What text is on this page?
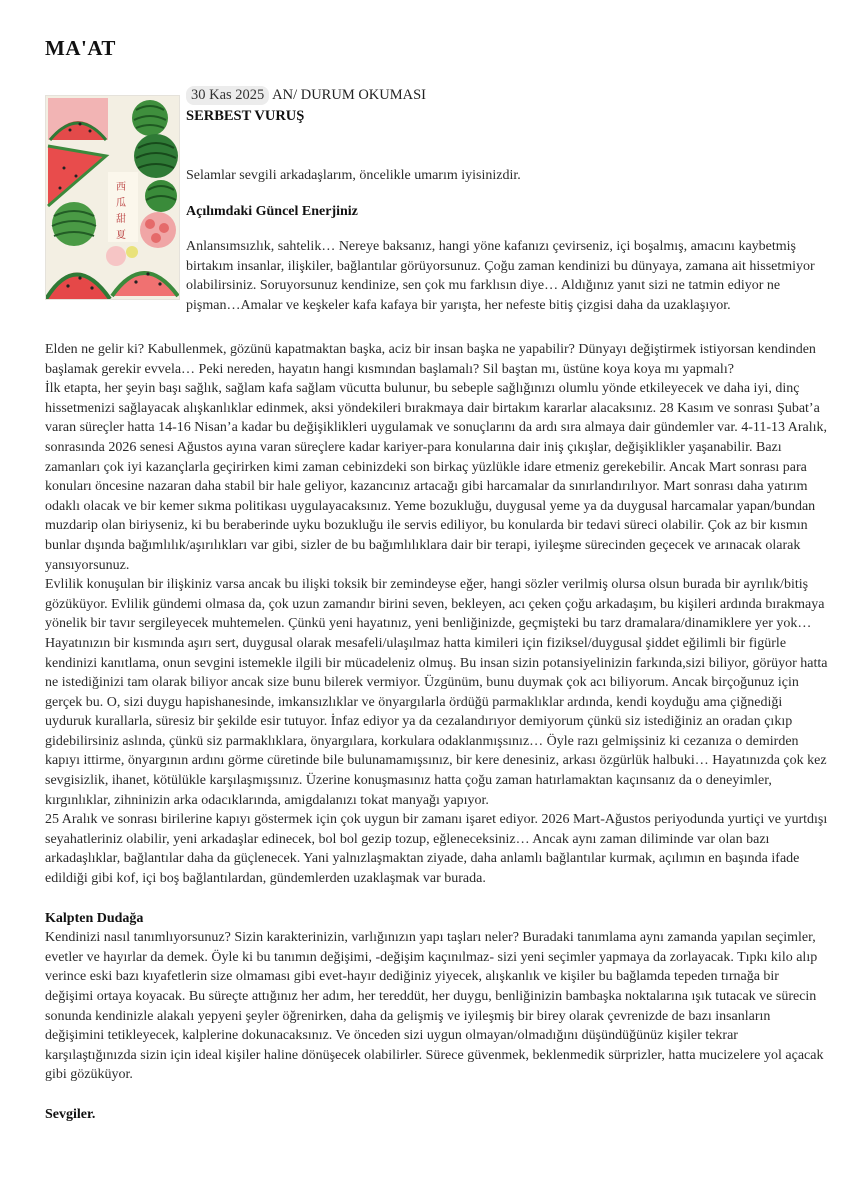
MA'AT
西
瓜
甜
夏
30 Kas 2025 AN/ DURUM OKUMASI
SERBEST VURUŞ

Selamlar sevgili arkadaşlarım, öncelikle umarım iyisinizdir.

Açılımdaki Güncel Enerjiniz

Anlansımsızlık, sahtelik… Nereye baksanız, hangi yöne kafanızı çevirseniz, içi boşalmış, amacını kaybetmiş birtakım insanlar, ilişkiler, bağlantılar görüyorsunuz. Çoğu zaman kendinizi bu dünyaya, zamana ait hissetmiyor olabilirsiniz. Soruyorsunuz kendinize, sen çok mu farklısın diye… Aldığınız yanıt sizi ne tatmin ediyor ne pişman…Amalar ve keşkeler kafa kafaya bir yarışta, her nefeste bitiş çizgisi daha da uzaklaşıyor.

Elden ne gelir ki? Kabullenmek, gözünü kapatmaktan başka, aciz bir insan başka ne yapabilir? Dünyayı değiştirmek istiyorsan kendinden başlamak gerekir evvela… Peki nereden, hayatın hangi kısmından başlamalı? Sil baştan mı, üstüne koya koya mı yapmalı?

İlk etapta, her şeyin başı sağlık, sağlam kafa sağlam vücutta bulunur, bu sebeple sağlığınızı olumlu yönde etkileyecek ve daha iyi, dinç hissetmenizi sağlayacak alışkanlıklar edinmek, aksi yöndekileri bırakmaya dair birtakım kararlar alacaksınız. 28 Kasım ve sonrası Şubat’a varan süreçler hatta 14-16 Nisan’a kadar bu değişiklikleri uygulamak ve sonuçlarını da ardı sıra almaya dair gündemler var. 4-11-13 Aralık, sonrasında 2026 senesi Ağustos ayına varan süreçlere kadar kariyer-para konularına dair iniş çıkışlar, değişiklikler yaşanabilir. Bazı zamanları çok iyi kazançlarla geçirirken kimi zaman cebinizdeki son birkaç yüzlükle idare etmeniz gerekebilir. Ancak Mart sonrası para konuları öncesine nazaran daha stabil bir hale geliyor, kazancınız artacağı gibi harcamalar da sınırlandırılıyor. Mart sonrası daha yatırım odaklı olacak ve bir kemer sıkma politikası uygulayacaksınız. Yeme bozukluğu, duygusal yeme ya da duygusal harcamalar yapan/bundan muzdarip olan biriyseniz, ki bu beraberinde uyku bozukluğu ile servis ediliyor, bu konularda bir tedavi süreci olabilir. Çok az bir kısmın bunlar dışında bağımlılık/aşırılıkları var gibi, sizler de bu bağımlılıklara dair bir terapi, iyileşme sürecinden geçecek ve arınacak olarak yansıyorsunuz.

Evlilik konuşulan bir ilişkiniz varsa ancak bu ilişki toksik bir zemindeyse eğer, hangi sözler verilmiş olursa olsun burada bir ayrılık/bitiş gözüküyor. Evlilik gündemi olmasa da, çok uzun zamandır birini seven, bekleyen, acı çeken çoğu arkadaşım, bu kişileri ardında bırakmaya yönelik bir tavır sergileyecek muhtemelen. Çünkü yeni hayatınız, yeni benliğinizde, geçmişteki bu tarz dramalara/dinamiklere yer yok…

Hayatınızın bir kısmında aşırı sert, duygusal olarak mesafeli/ulaşılmaz hatta kimileri için fiziksel/duygusal şiddet eğilimli bir figürle kendinizi kanıtlama, onun sevgini istemekle ilgili bir mücadeleniz olmuş. Bu insan sizin potansiyelinizin farkında,sizi biliyor, görüyor hatta ne istediğinizi tam olarak biliyor ancak size bunu bilerek vermiyor. Üzgünüm, bunu duymak çok acı biliyorum. Ancak birçoğunuz için gerçek bu. O, sizi duygu hapishanesinde, imkansızlıklar ve önyargılarla ördüğü parmaklıklar ardında, kendi koyduğu ama çiğnediği uyduruk kurallarla, süresiz bir şekilde esir tutuyor. İnfaz ediyor ya da cezalandırıyor demiyorum çünkü siz istediğiniz an oradan çıkıp gidebilirsiniz aslında, çünkü siz parmaklıklara, önyargılara, korkulara odaklanmışsınız… Öyle razı gelmişsiniz ki cezanıza o demirden kapıyı ittirme, önyargının ardını görme cüretinde bile bulunamamışsınız, bir kere denesiniz, arkası özgürlük halbuki… Hayatınızda çok kez sevgisizlik, ihanet, kötülükle karşılaşmışsınız. Üzerine konuşmasınız hatta çoğu zaman hatırlamaktan kaçınsanız da o deneyimler, kırgınlıklar, zihninizin arka odacıklarında, amigdalanızı tokat manyağı yapıyor.

25 Aralık ve sonrası birilerine kapıyı göstermek için çok uygun bir zamanı işaret ediyor. 2026 Mart-Ağustos periyodunda yurtiçi ve yurtdışı seyahatleriniz olabilir, yeni arkadaşlar edinecek, bol bol gezip tozup, eğleneceksiniz… Ancak aynı zaman diliminde var olan bazı arkadaşlıklar, bağlantılar daha da güçlenecek. Yani yalnızlaşmaktan ziyade, daha anlamlı bağlantılar kurmak, açılımın en başında ifade edildiği gibi kof, içi boş bağlantılardan, gündemlerden uzaklaşmak var burada.

Kalpten Dudağa

Kendinizi nasıl tanımlıyorsunuz? Sizin karakterinizin, varlığınızın yapı taşları neler? Buradaki tanımlama aynı zamanda yapılan seçimler, evetler ve hayırlar da demek. Öyle ki bu tanımın değişimi, -değişim kaçınılmaz- sizi yeni seçimler yapmaya da zorlayacak. Tıpkı kilo alıp verince eski bazı kıyafetlerin size olmaması gibi evet-hayır dediğiniz yiyecek, alışkanlık ve kişiler bu bağlamda tepeden tırnağa bir değişimi ortaya koyacak. Bu süreçte attığınız her adım, her tereddüt, her duygu, benliğinizin bambaşka noktalarına ışık tutacak ve sürecin sonunda kendinizle alakalı yepyeni şeyler öğrenirken, daha da gelişmiş ve iyileşmiş bir birey olarak çevrenizde de bazı insanların değişimini tetikleyecek, kalplerine dokunacaksınız. Ve önceden sizi uygun olmayan/olmadığını düşündüğünüz kişiler tekrar karşılaştığınızda sizin için ideal kişiler haline dönüşecek olabilirler. Sürece güvenmek, beklenmedik sürprizler, hatta mucizelere yol açacak gibi gözüküyor.

Sevgiler.
